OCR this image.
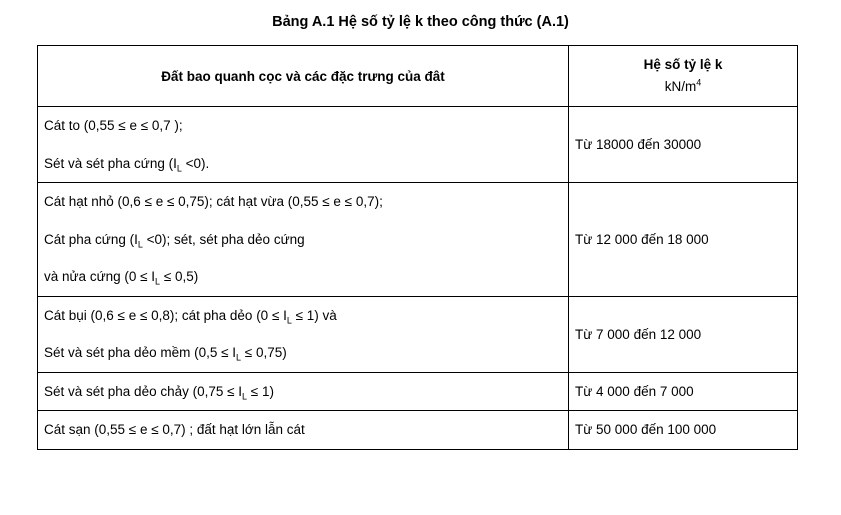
Bảng A.1 Hệ số tỷ lệ k theo công thức (A.1)
Đất bao quanh cọc và các đặc trưng của đât	Hệ số tỷ lệ k
$kN/m^4$

Cát to (0,55 ≤ e ≤ 0,7 );
Sét và sét pha cứng $(I_L <0)$.	Từ 18000 đến 30000

Cát hạt nhỏ (0,6 ≤ e ≤ 0,75); cát hạt vừa (0,55 ≤ e ≤ 0,7);
Cát pha cứng $(I_L <0)$; sét, sét pha dẻo cứng
và nửa cứng $(0 \le I_L \le 0,5)$	Từ 12 000 đến 18 000

Cát bụi (0,6 ≤ e ≤ 0,8); cát pha dẻo $(0 \le I_L \le 1)$ và
Sét và sét pha dẻo mềm $(0,5 \le I_L \le 0,75)$	Từ 7 000 đến 12 000

Sét và sét pha dẻo chảy $(0,75 \le I_L \le 1)$	Từ 4 000 đến 7 000

Cát sạn (0,55 ≤ e ≤ 0,7) ; đất hạt lớn lẫn cát	Từ 50 000 đến 100 000
